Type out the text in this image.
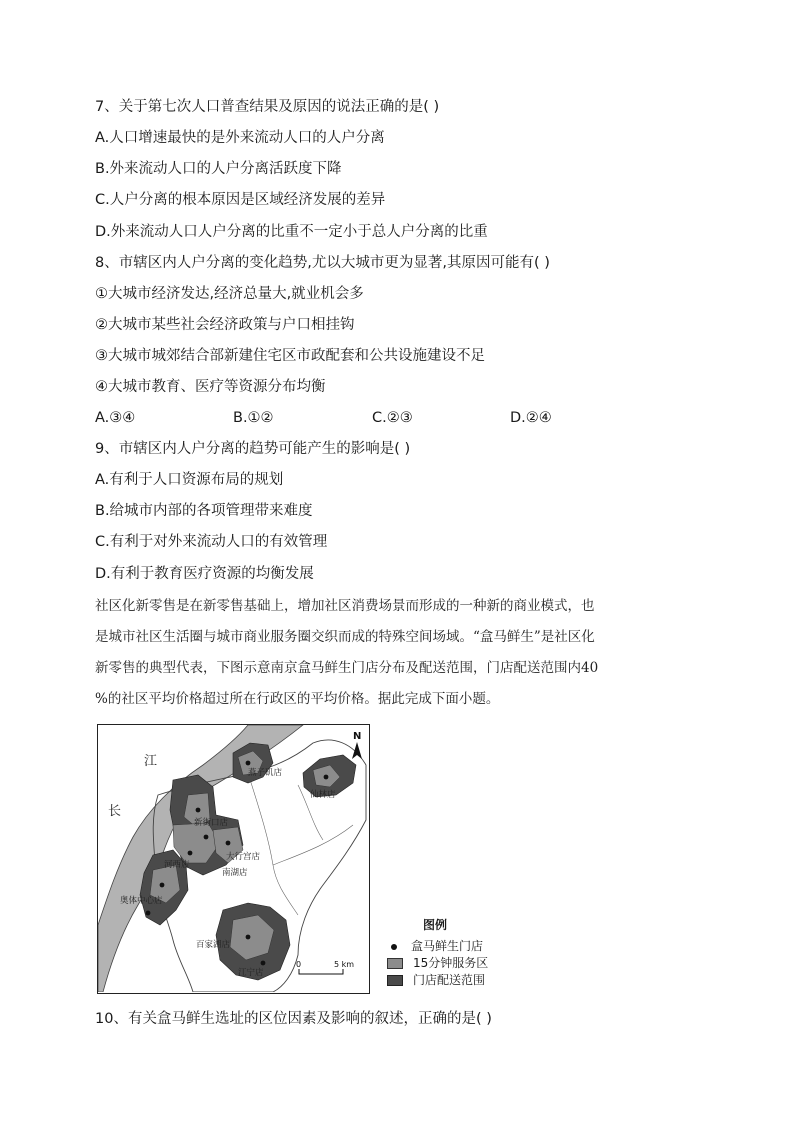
7、关于第七次人口普查结果及原因的说法正确的是( )
A.人口增速最快的是外来流动人口的人户分离
B.外来流动人口的人户分离活跃度下降
C.人户分离的根本原因是区域经济发展的差异
D.外来流动人口人户分离的比重不一定小于总人户分离的比重
8、市辖区内人户分离的变化趋势,尤以大城市更为显著,其原因可能有( )
①大城市经济发达,经济总量大,就业机会多
②大城市某些社会经济政策与户口相挂钩
③大城市城郊结合部新建住宅区市政配套和公共设施建设不足
④大城市教育、医疗等资源分布均衡
A.③④	B.①②	C.②③	D.②④
9、市辖区内人户分离的趋势可能产生的影响是( )
A.有利于人口资源布局的规划
B.给城市内部的各项管理带来难度
C.有利于对外来流动人口的有效管理
D.有利于教育医疗资源的均衡发展
社区化新零售是在新零售基础上，增加社区消费场景而形成的一种新的商业模式，也
是城市社区生活圈与城市商业服务圈交织而成的特殊空间场域。“盒马鲜生”是社区化
新零售的典型代表，下图示意南京盒马鲜生门店分布及配送范围，门店配送范围内40
%的社区平均价格超过所在行政区的平均价格。据此完成下面小题。
江
长
燕子矶店
仙林店
新街口店
大行宫店
南湖店
河西店
奥体中心店
百家湖店
江宁店
N
0	5 km
图例
盒马鲜生门店
15分钟服务区
门店配送范围
10、有关盒马鲜生选址的区位因素及影响的叙述，正确的是( )
